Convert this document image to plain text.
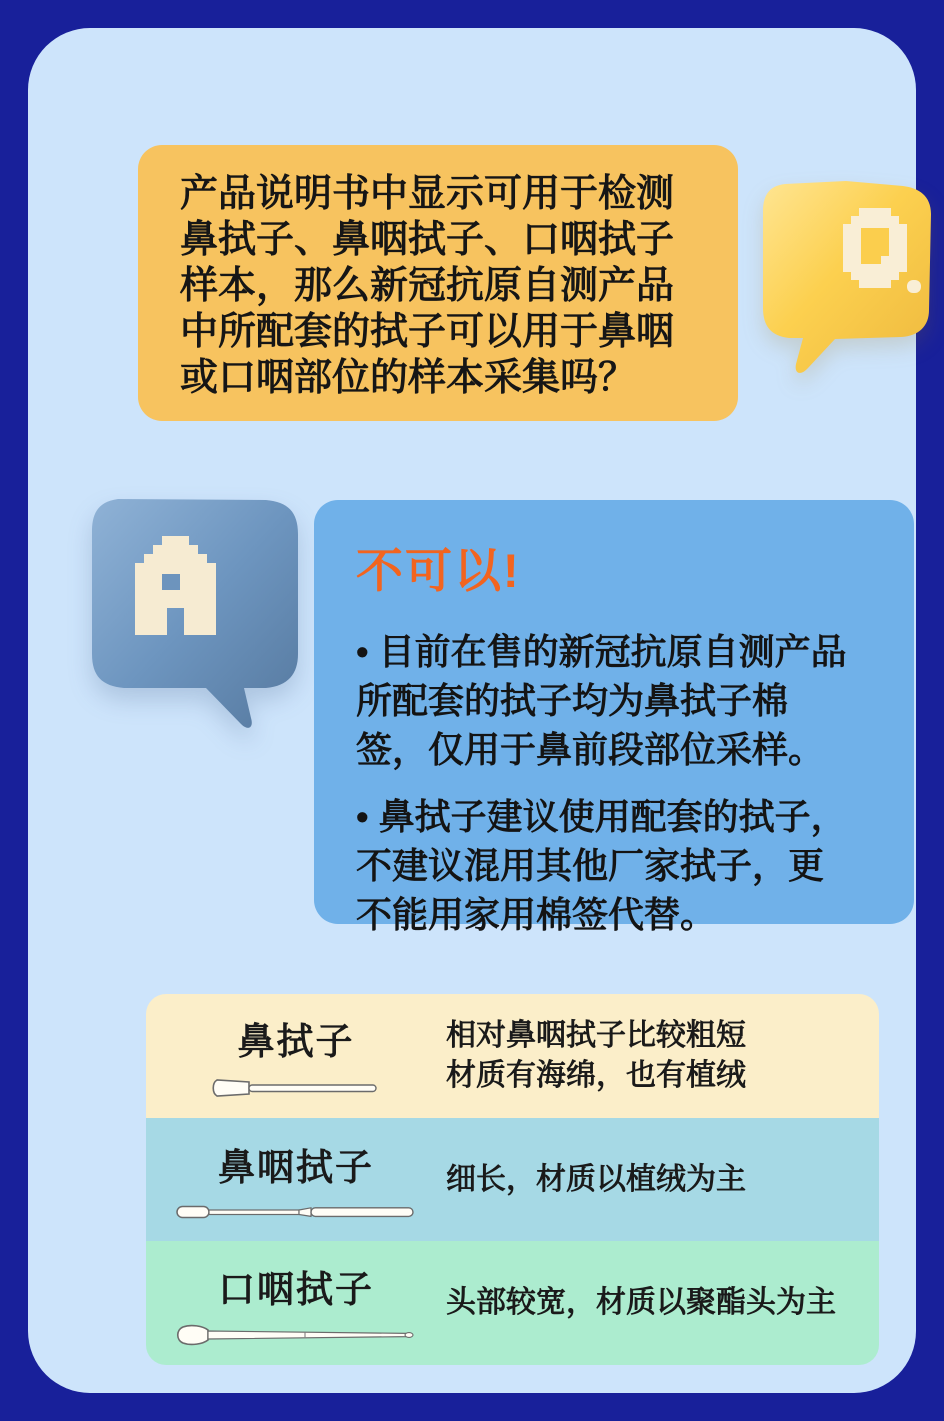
产品说明书中显示可用于检测鼻拭子、鼻咽拭子、口咽拭子样本，那么新冠抗原自测产品中所配套的拭子可以用于鼻咽或口咽部位的样本采集吗？

不可以!

• 目前在售的新冠抗原自测产品所配套的拭子均为鼻拭子棉签，仅用于鼻前段部位采样。

• 鼻拭子建议使用配套的拭子，不建议混用其他厂家拭子，更不能用家用棉签代替。

鼻拭子	相对鼻咽拭子比较粗短
材质有海绵，也有植绒
鼻咽拭子 细长，材质以植绒为主
口咽拭子 头部较宽，材质以聚酯头为主
